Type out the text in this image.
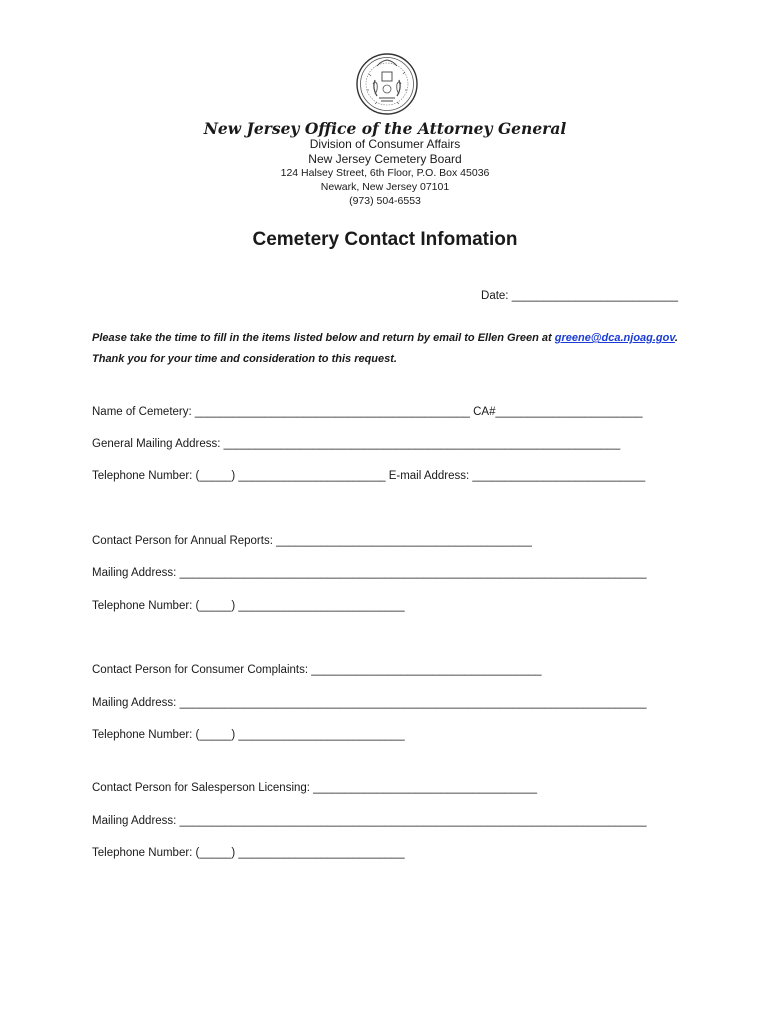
New Jersey Office of the Attorney General
Division of Consumer Affairs
New Jersey Cemetery Board
124 Halsey Street, 6th Floor, P.O. Box 45036
Newark, New Jersey 07101
(973) 504-6553
Cemetery Contact Infomation
Date: __________________________
Please take the time to fill in the items listed below and return by email to Ellen Green at greene@dca.njoag.gov.
Thank you for your time and consideration to this request.
Name of Cemetery: ___________________________________________ CA#_______________________
General Mailing Address: ______________________________________________________________
Telephone Number: (_____) _______________________ E-mail Address: ___________________________
Contact Person for Annual Reports: ________________________________________
Mailing Address: _________________________________________________________________________
Telephone Number: (_____) __________________________
Contact Person for Consumer Complaints: ____________________________________
Mailing Address: _________________________________________________________________________
Telephone Number: (_____) __________________________
Contact Person for Salesperson Licensing: ___________________________________
Mailing Address: _________________________________________________________________________
Telephone Number: (_____) __________________________
